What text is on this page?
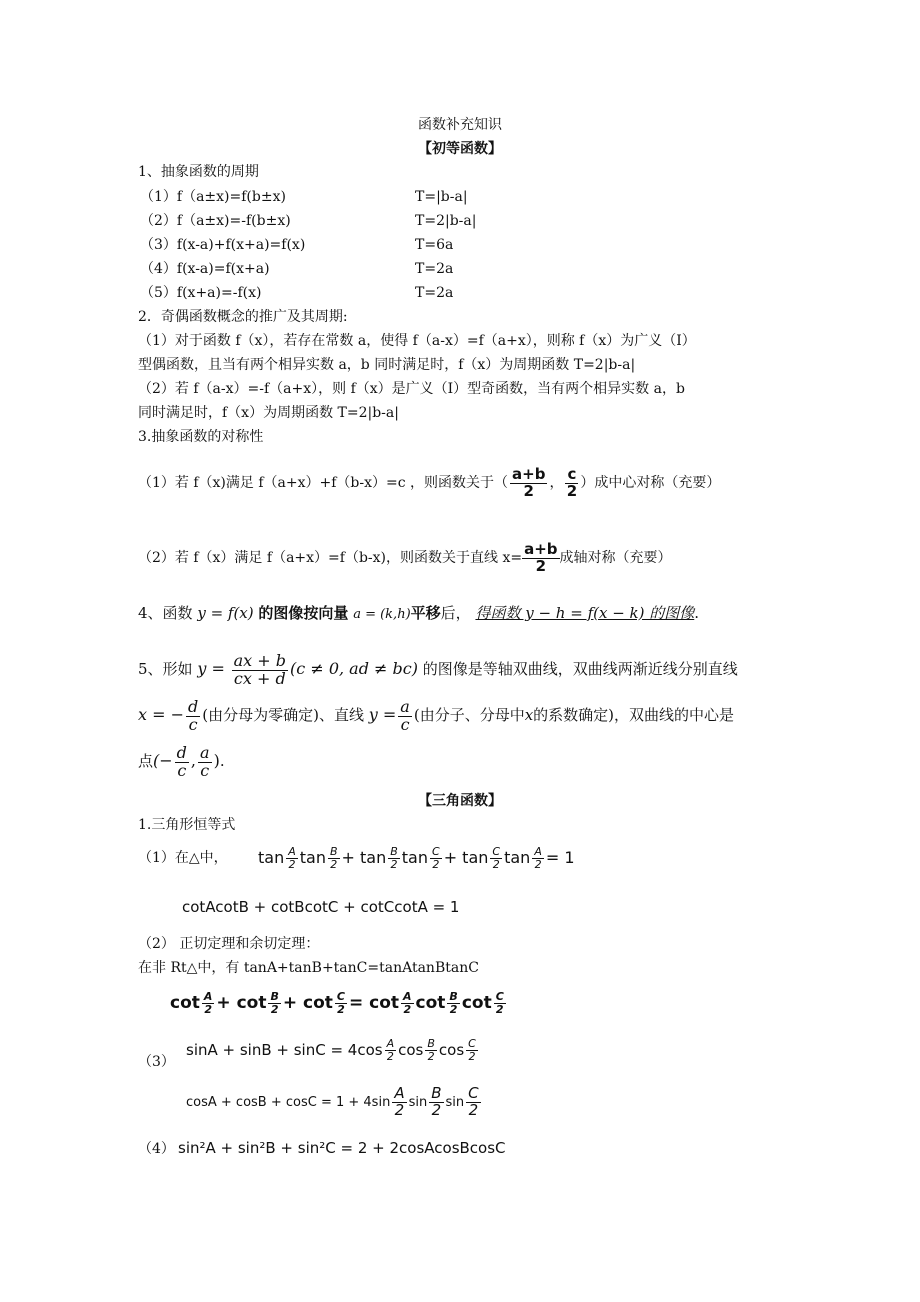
函数补充知识
【初等函数】
1、抽象函数的周期
（1）f（a±x)=f(b±x)	T=|b-a|
（2）f（a±x)=-f(b±x)	T=2|b-a|
（3）f(x-a)+f(x+a)=f(x)	T=6a
（4）f(x-a)=f(x+a)	T=2a
（5）f(x+a)=-f(x)	T=2a
2．奇偶函数概念的推广及其周期:
（1）对于函数 f（x），若存在常数 a，使得 f（a-x）=f（a+x），则称 f（x）为广义（Ⅰ）
型偶函数，且当有两个相异实数 a，b 同时满足时，f（x）为周期函数 T=2|b-a|
（2）若 f（a-x）=-f（a+x），则 f（x）是广义（Ⅰ）型奇函数，当有两个相异实数 a，b
同时满足时，f（x）为周期函数 T=2|b-a|
3.抽象函数的对称性
（1）若 f（x)满足 f（a+x）+f（b-x）=c ，则函数关于（ $\frac{a+b}{2}$ ， $\frac{c}{2}$ ）成中心对称（充要）
（2）若 f（x）满足 f（a+x）=f（b-x)，则函数关于直线 $x= \frac{a+b}{2}$ 成轴对称（充要）
4、函数 y = f(x) 的图像按向量 a = (k,h)平移后， 得函数 y − h = f(x − k) 的图像.
5、形如 $y = \frac{ax + b}{cx + d} (c \ne 0$, ad ≠ bc) 的图像是等轴双曲线，双曲线两渐近线分别直线
x = − $\frac{d}{c}$ (由分母为零确定)、直线 $y = \frac{a}{c}$ (由分子、分母中x的系数确定)，双曲线的中心是
点(− $\frac{d}{c}$ , $\frac{a}{c}$ ).
【三角函数】
1.三角形恒等式
（1）在△中， $\tan \frac{A}{2}$ $\tan \frac{B}{2} + \tan \frac{B}{2}$ $\tan \frac{C}{2} + \tan \frac{C}{2}$ $\tan \frac{A}{2} = 1$
cotAcotB + cotBcotC + cotCcotA = 1
（2） 正切定理和余切定理：
在非 Rt△中，有 tanA+tanB+tanC=tanAtanBtanC
$\cot \frac{A}{2} + \cot \frac{B}{2} + \cot \frac{C}{2} = \cot \frac{A}{2}$ $\cot \frac{B}{2}$ $\cot \frac{C}{2}$
（3）
$\sin A + \sin B + \sin C = 4\cos \frac{A}{2}$ $\cos \frac{B}{2}$ $\cos \frac{C}{2}$
$\cos A + \cos B + \cos C = 1 + 4\sin \frac{A}{2}$ $\sin \frac{B}{2}$ $\sin \frac{C}{2}$
（4） sin²A + sin²B + sin²C = 2 + 2cosAcosBcosC
